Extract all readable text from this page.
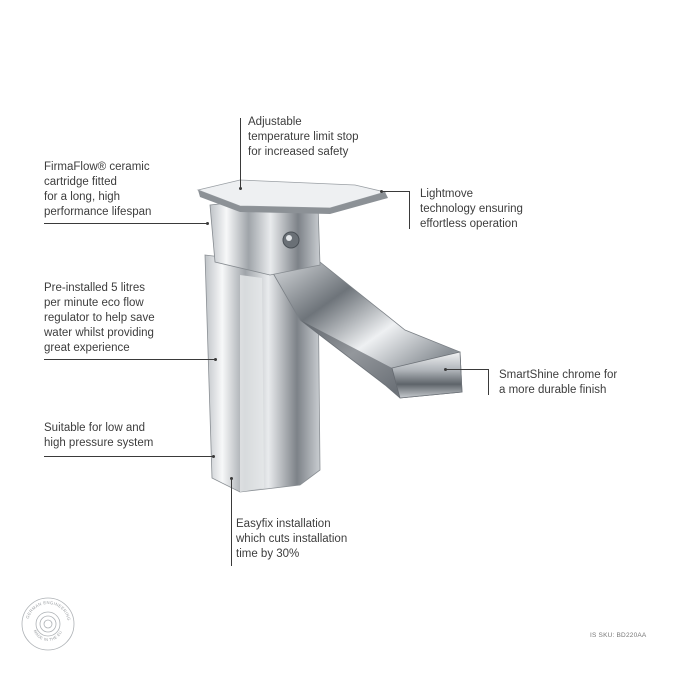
Adjustable
temperature limit stop
for increased safety

FirmaFlow® ceramic
cartridge fitted
for a long, high
performance lifespan

Lightmove
technology ensuring
effortless operation

Pre-installed 5 litres
per minute eco flow
regulator to help save
water whilst providing
great experience

SmartShine chrome for
a more durable finish

Suitable for low and
high pressure system

Easyfix installation
which cuts installation
time by 30%

GERMAN ENGINEERING
MADE IN THE EU	IS SKU: BD220AA
